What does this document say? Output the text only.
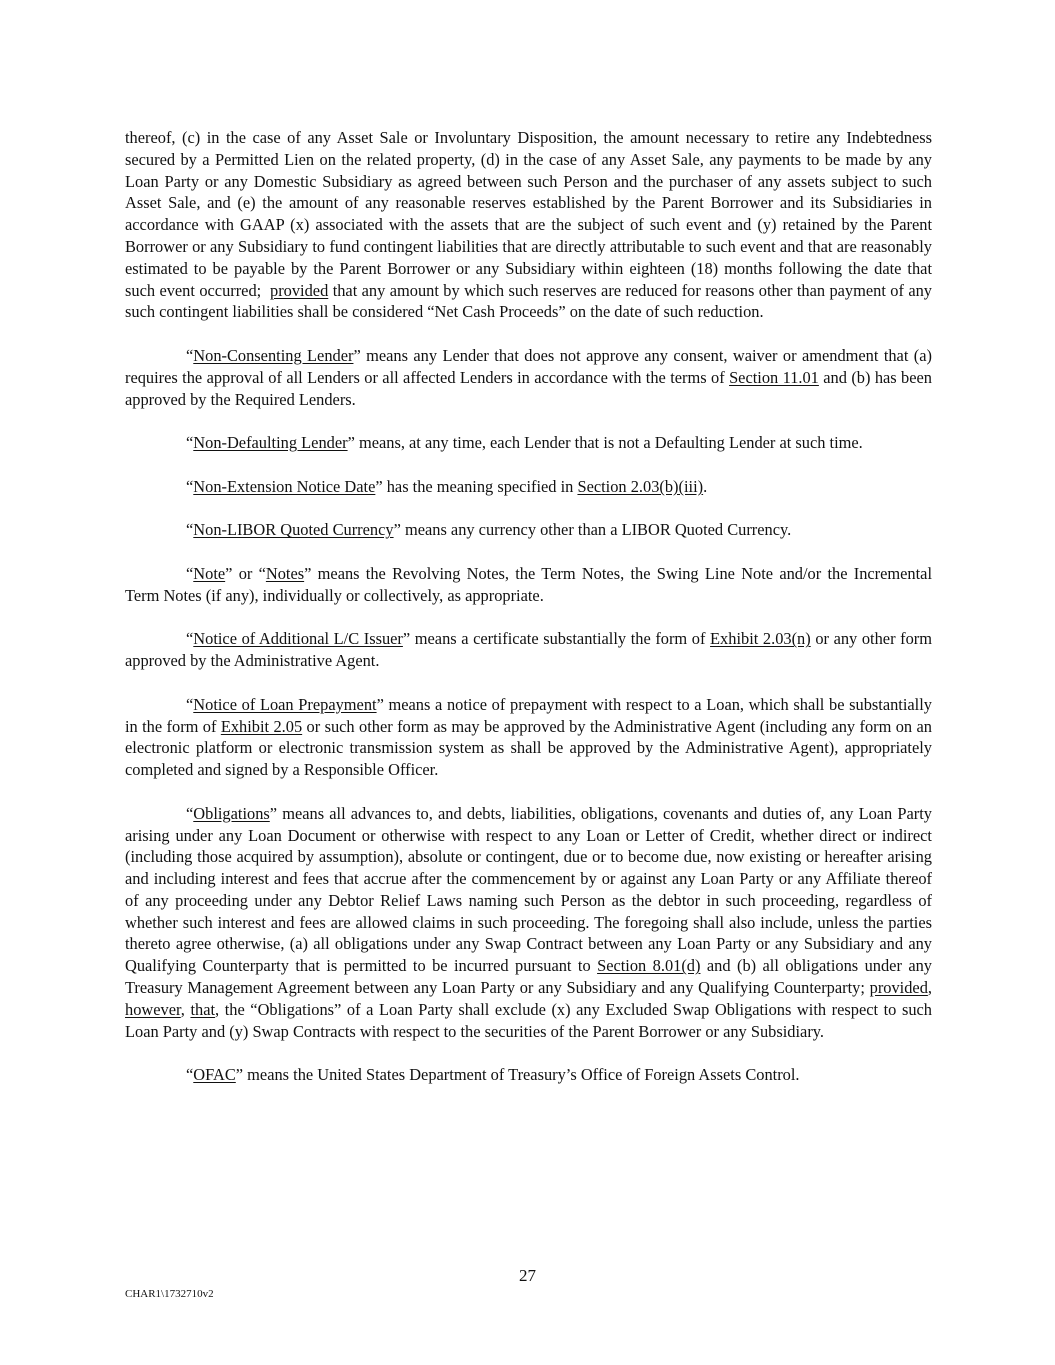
thereof, (c) in the case of any Asset Sale or Involuntary Disposition, the amount necessary to retire any Indebtedness secured by a Permitted Lien on the related property, (d) in the case of any Asset Sale, any payments to be made by any Loan Party or any Domestic Subsidiary as agreed between such Person and the purchaser of any assets subject to such Asset Sale, and (e) the amount of any reasonable reserves established by the Parent Borrower and its Subsidiaries in accordance with GAAP (x) associated with the assets that are the subject of such event and (y) retained by the Parent Borrower or any Subsidiary to fund contingent liabilities that are directly attributable to such event and that are reasonably estimated to be payable by the Parent Borrower or any Subsidiary within eighteen (18) months following the date that such event occurred; provided that any amount by which such reserves are reduced for reasons other than payment of any such contingent liabilities shall be considered “Net Cash Proceeds” on the date of such reduction.

“Non-Consenting Lender” means any Lender that does not approve any consent, waiver or amendment that (a) requires the approval of all Lenders or all affected Lenders in accordance with the terms of Section 11.01 and (b) has been approved by the Required Lenders.

“Non-Defaulting Lender” means, at any time, each Lender that is not a Defaulting Lender at such time.

“Non-Extension Notice Date” has the meaning specified in Section 2.03(b)(iii).

“Non-LIBOR Quoted Currency” means any currency other than a LIBOR Quoted Currency.

“Note” or “Notes” means the Revolving Notes, the Term Notes, the Swing Line Note and/or the Incremental Term Notes (if any), individually or collectively, as appropriate.

“Notice of Additional L/C Issuer” means a certificate substantially the form of Exhibit 2.03(n) or any other form approved by the Administrative Agent.

“Notice of Loan Prepayment” means a notice of prepayment with respect to a Loan, which shall be substantially in the form of Exhibit 2.05 or such other form as may be approved by the Administrative Agent (including any form on an electronic platform or electronic transmission system as shall be approved by the Administrative Agent), appropriately completed and signed by a Responsible Officer.

“Obligations” means all advances to, and debts, liabilities, obligations, covenants and duties of, any Loan Party arising under any Loan Document or otherwise with respect to any Loan or Letter of Credit, whether direct or indirect (including those acquired by assumption), absolute or contingent, due or to become due, now existing or hereafter arising and including interest and fees that accrue after the commencement by or against any Loan Party or any Affiliate thereof of any proceeding under any Debtor Relief Laws naming such Person as the debtor in such proceeding, regardless of whether such interest and fees are allowed claims in such proceeding. The foregoing shall also include, unless the parties thereto agree otherwise, (a) all obligations under any Swap Contract between any Loan Party or any Subsidiary and any Qualifying Counterparty that is permitted to be incurred pursuant to Section 8.01(d) and (b) all obligations under any Treasury Management Agreement between any Loan Party or any Subsidiary and any Qualifying Counterparty; provided, however, that, the “Obligations” of a Loan Party shall exclude (x) any Excluded Swap Obligations with respect to such Loan Party and (y) Swap Contracts with respect to the securities of the Parent Borrower or any Subsidiary.

“OFAC” means the United States Department of Treasury’s Office of Foreign Assets Control.

27
CHAR1\1732710v2
